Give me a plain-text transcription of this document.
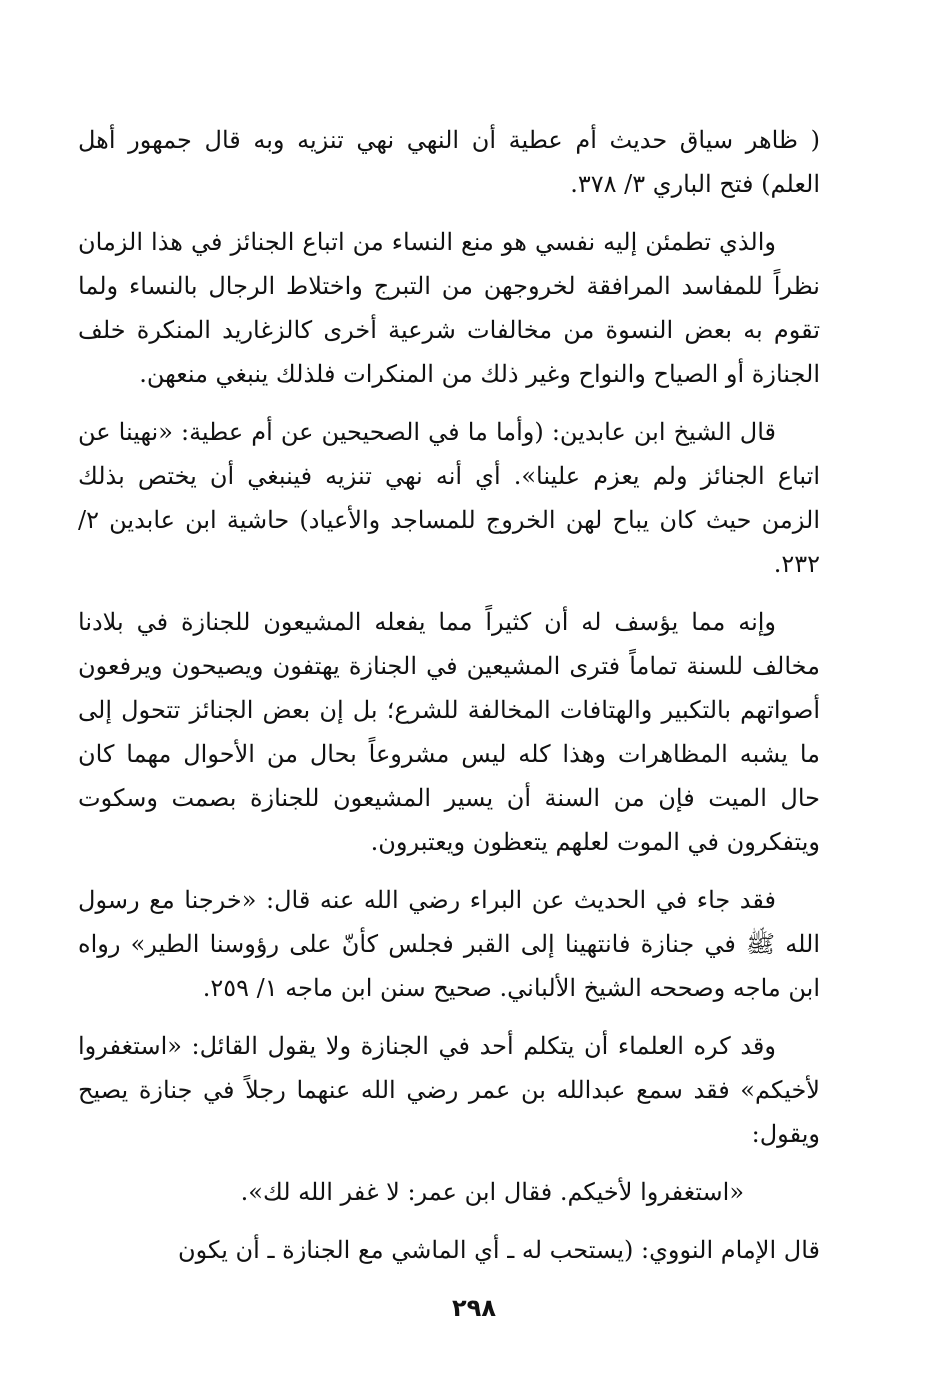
( ظاهر سياق حديث أم عطية أن النهي نهي تنزيه وبه قال جمهور أهل العلم) فتح الباري ٣/ ٣٧٨.

والذي تطمئن إليه نفسي هو منع النساء من اتباع الجنائز في هذا الزمان نظراً للمفاسد المرافقة لخروجهن من التبرج واختلاط الرجال بالنساء ولما تقوم به بعض النسوة من مخالفات شرعية أخرى كالزغاريد المنكرة خلف الجنازة أو الصياح والنواح وغير ذلك من المنكرات فلذلك ينبغي منعهن.

قال الشيخ ابن عابدين: (وأما ما في الصحيحين عن أم عطية: «نهينا عن اتباع الجنائز ولم يعزم علينا». أي أنه نهي تنزيه فينبغي أن يختص بذلك الزمن حيث كان يباح لهن الخروج للمساجد والأعياد) حاشية ابن عابدين ٢/ ٢٣٢.

وإنه مما يؤسف له أن كثيراً مما يفعله المشيعون للجنازة في بلادنا مخالف للسنة تماماً فترى المشيعين في الجنازة يهتفون ويصيحون ويرفعون أصواتهم بالتكبير والهتافات المخالفة للشرع؛ بل إن بعض الجنائز تتحول إلى ما يشبه المظاهرات وهذا كله ليس مشروعاً بحال من الأحوال مهما كان حال الميت فإن من السنة أن يسير المشيعون للجنازة بصمت وسكوت ويتفكرون في الموت لعلهم يتعظون ويعتبرون.

فقد جاء في الحديث عن البراء رضي الله عنه قال: «خرجنا مع رسول الله ﷺ في جنازة فانتهينا إلى القبر فجلس كأنّ على رؤوسنا الطير» رواه ابن ماجه وصححه الشيخ الألباني. صحيح سنن ابن ماجه ١/ ٢٥٩.

وقد كره العلماء أن يتكلم أحد في الجنازة ولا يقول القائل: «استغفروا لأخيكم» فقد سمع عبدالله بن عمر رضي الله عنهما رجلاً في جنازة يصيح ويقول:

«استغفروا لأخيكم. فقال ابن عمر: لا غفر الله لك».

قال الإمام النووي: (يستحب له ـ أي الماشي مع الجنازة ـ أن يكون

٢٩٨
